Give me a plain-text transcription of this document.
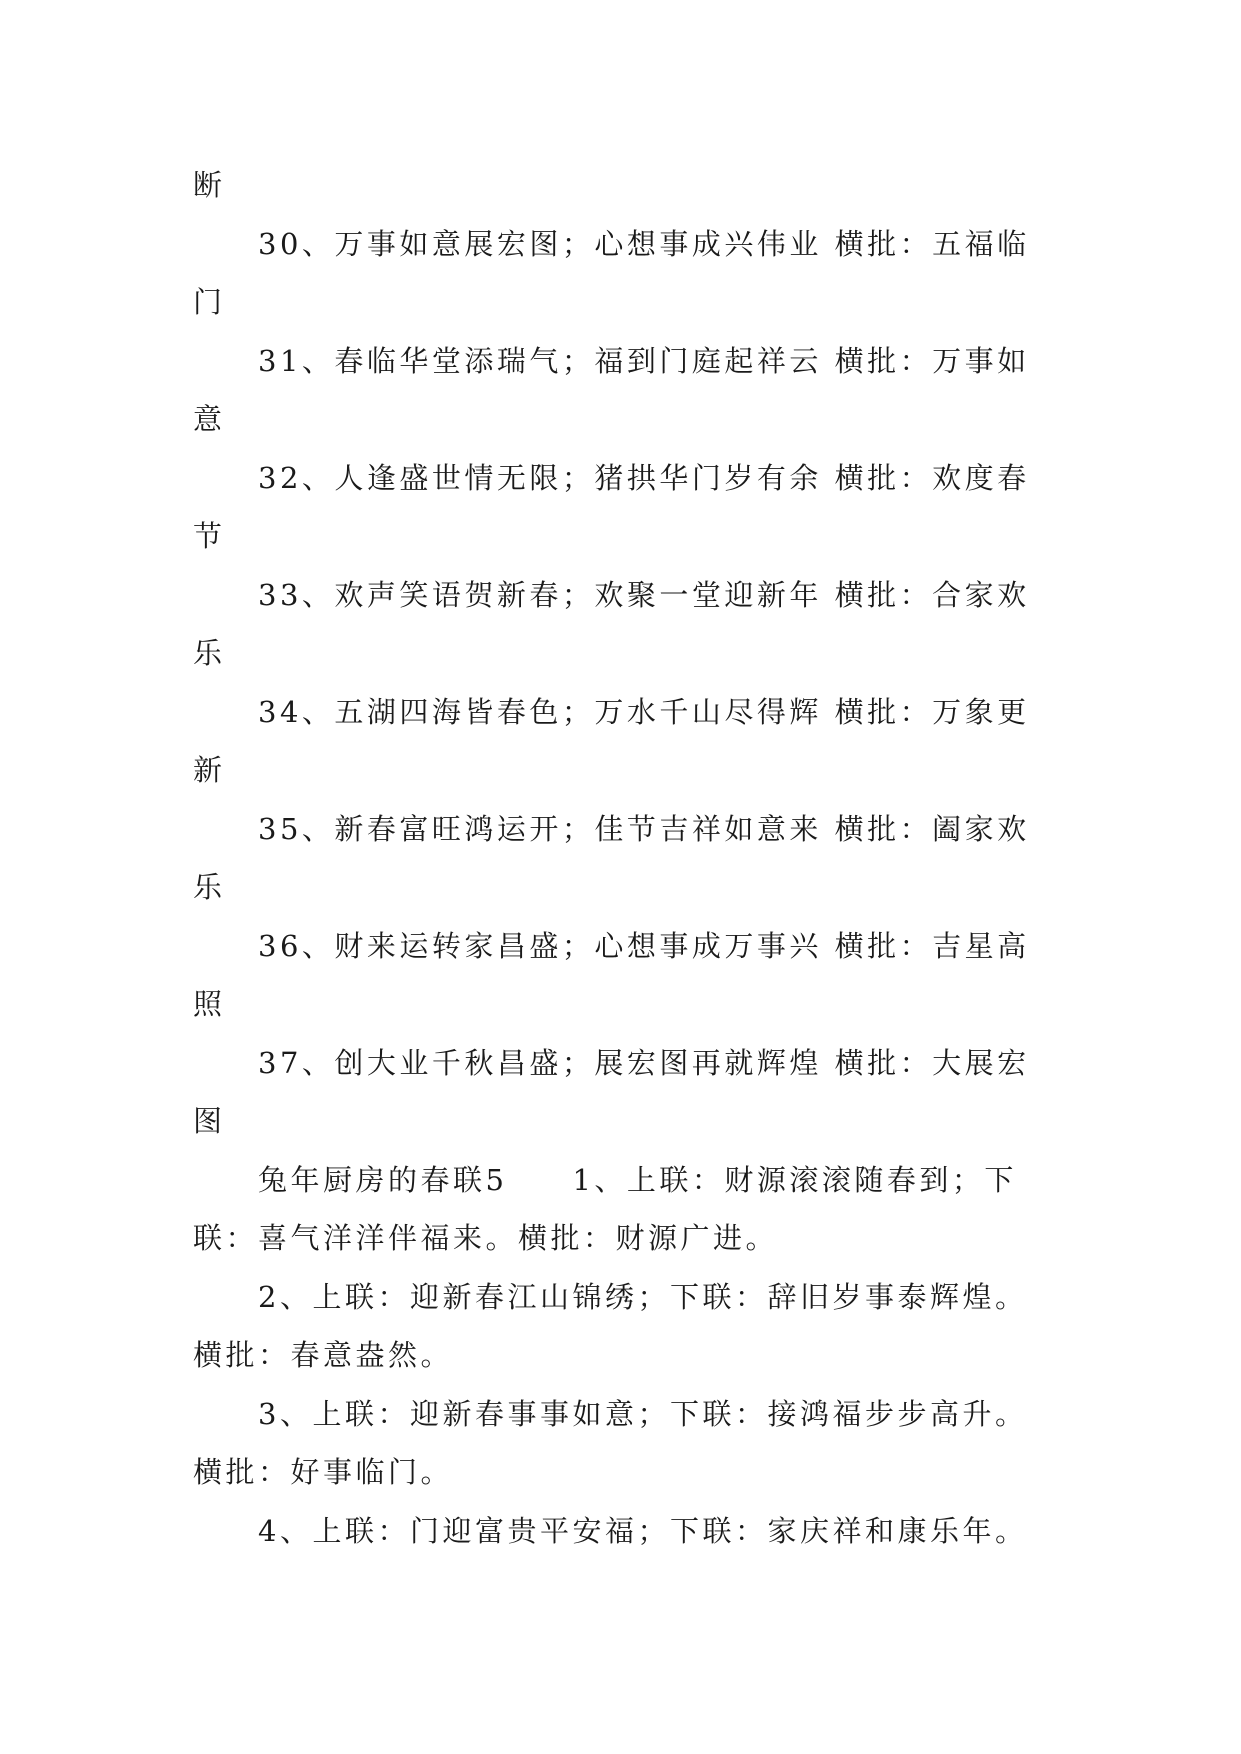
断

30、万事如意展宏图；心想事成兴伟业 横批：五福临门

31、春临华堂添瑞气；福到门庭起祥云 横批：万事如意

32、人逢盛世情无限；猪拱华门岁有余 横批：欢度春节

33、欢声笑语贺新春；欢聚一堂迎新年 横批：合家欢乐

34、五湖四海皆春色；万水千山尽得辉 横批：万象更新

35、新春富旺鸿运开；佳节吉祥如意来 横批：阖家欢乐

36、财来运转家昌盛；心想事成万事兴 横批：吉星高照

37、创大业千秋昌盛；展宏图再就辉煌 横批：大展宏图

兔年厨房的春联5　　1、上联：财源滚滚随春到；下联：喜气洋洋伴福来。横批：财源广进。

2、上联：迎新春江山锦绣；下联：辞旧岁事泰辉煌。横批：春意盎然。

3、上联：迎新春事事如意；下联：接鸿福步步高升。横批：好事临门。

4、上联：门迎富贵平安福；下联：家庆祥和康乐年。
